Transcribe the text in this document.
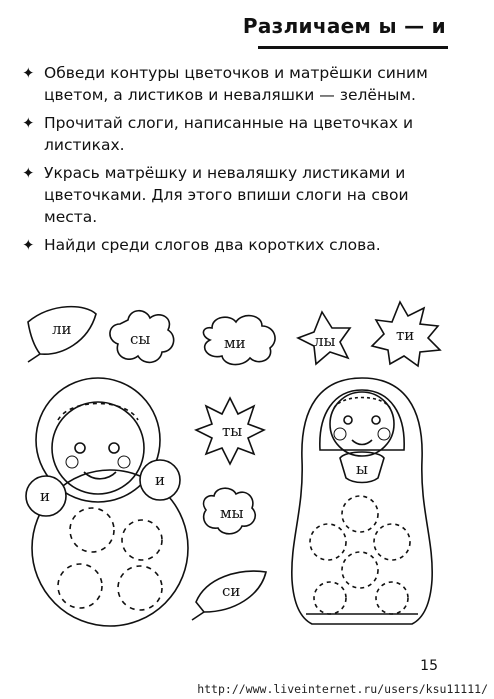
Различаем ы — и
✦ Обведи контуры цветочков и матрёшки синим цветом, а листиков и неваляшки — зелёным.
✦ Прочитай слоги, написанные на цветочках и листиках.
✦ Укрась матрёшку и неваляшку листиками и цветочками. Для этого впиши слоги на свои места.
✦ Найди среди слогов два коротких слова.
ли
сы	ми	лы	ти
ты
мы
си
и
и
ы
15
http://www.liveinternet.ru/users/ksu11111/
